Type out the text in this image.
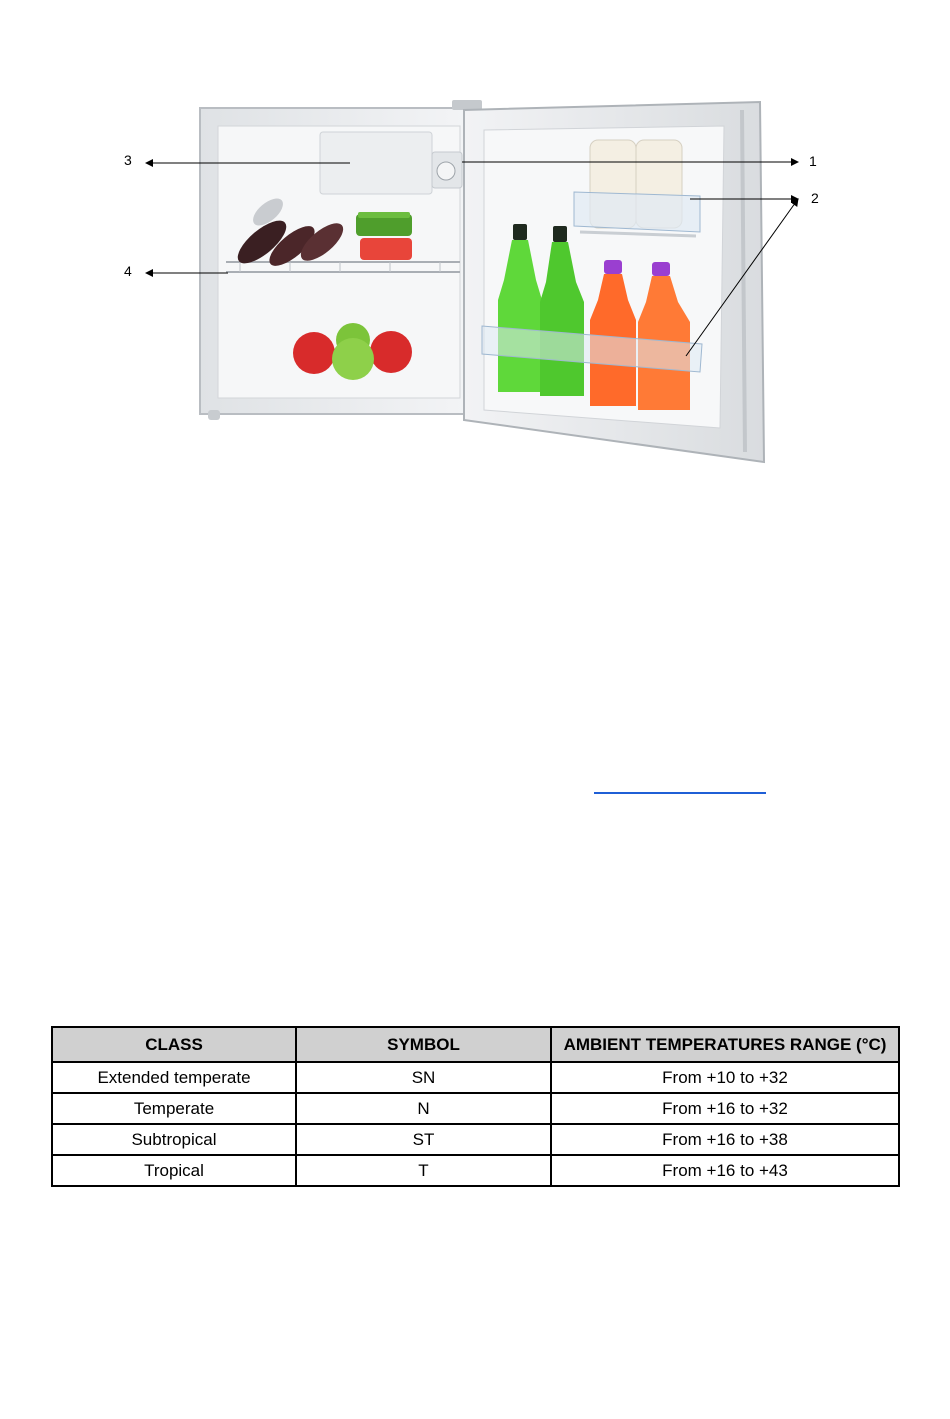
1
2
3
4
CLASS	SYMBOL	AMBIENT TEMPERATURES RANGE (°C)
Extended temperate	SN	From +10 to +32
Temperate	N	From +16 to +32
Subtropical	ST	From +16 to +38
Tropical	T	From +16 to +43
